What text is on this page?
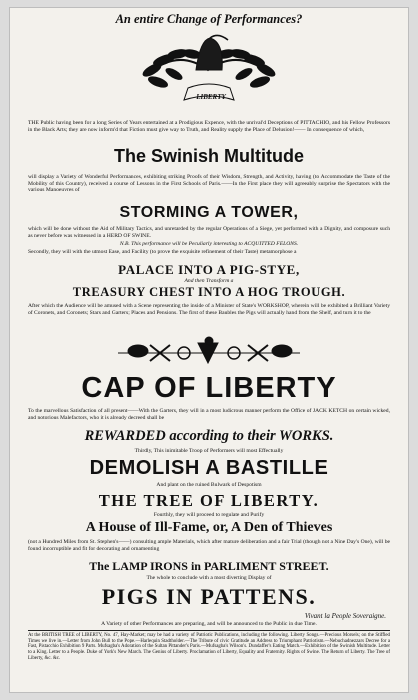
An entire Change of Performances?
LIBERTY
THE Public having been for a long Series of Years entertained at a Prodigious Expence, with the unrival'd Deceptions of PITTACHIO, and his Fellow Professors in the Black Arts; they are now inform'd that Fiction must give way to Truth, and Reality supply the Place of Delusion!—— In consequence of which,
The Swinish Multitude
will display a Variety of Wonderful Performances, exhibiting striking Proofs of their Wisdom, Strength, and Activity, having (to Accommodate the Taste of the Mobility of this Country), received a course of Lessons in the First Schools of Paris.——In the First place they will agreeably surprise the Spectators with the various Manoeuvres of
STORMING A TOWER,
which will be done without the Aid of Military Tactics, and unretarded by the regular Operations of a Siege, yet performed with a Dignity, and composure such as never before was witnessed in a HERD OF SWINE.
N.B. This performance will be Peculiarly interesting to ACQUITTED FELONS.
Secondly, they will with the utmost Ease, and Facility (to prove the exquisite refinement of their Taste) metamorphose a
PALACE INTO A PIG-STYE,
And then Transform a
TREASURY CHEST INTO A HOG TROUGH.
After which the Audience will be amused with a Scene representing the inside of a Minister of State's WORKSHOP, wherein will be exhibited a Brilliant Variety of Coronets, and Coronets; Stars and Garters; Places and Pensions. The first of these Baubles the Pigs will actually hand from the Shelf, and turn it to the
CAP OF LIBERTY
To the marvellous Satisfaction of all present——With the Garters, they will in a most ludicrous manner perform the Office of JACK KETCH on certain wicked, and notorious Malefactors, who it is already decreed shall be
REWARDED according to their WORKS.
Thirdly, This inimitable Troop of Performers will most Effectually
DEMOLISH A BASTILLE
And plant on the ruined Bulwark of Despotism
THE TREE OF LIBERTY.
Fourthly, they will proceed to regulate and Purify
A House of Ill-Fame, or, A Den of Thieves
(not a Hundred Miles from St. Stephen's——) consulting ample Materials, which after mature deliberation and a fair Trial (though not a Nine Day's One), will be found incorruptible and fit for decorating and ornamenting
The LAMP IRONS in PARLIMENT STREET.
The whole to conclude with a most diverting Display of
PIGS IN PATTENS.
Vivant la People Soveraigne.
A Variety of other Performances are preparing, and will be announced to the Public in due Time.
At the BRITISH TREE of LIBERTY, No. 47, Hay-Market; may be had a variety of Patriotic Publications, including the following. Liberty Songs.—Precious Morsels; on the Stiffled Times we live in.—Letter from John Bull to the Pope.—Harlequin Stadtholder.—The Tribute of civic Gratitude an Address to Triumphant Patriotism.—Nebuchadnezzars Decree for a Fast, Pistacchio Exhibition 9 Parts. Mufsagba's Adoration of the Sultan Pittander's Paris.—Mufsagba's Wilson's. Dundaffer's Eating Match.—Exhibition of the Swinish Multitude. Letter to a King. Letter to a People. Duke of York's New March. The Genius of Liberty. Proclamation of Liberty, Equality and Fraternity. Rights of Swine. The Return of Liberty. The Tree of Liberty, &c. &c.
